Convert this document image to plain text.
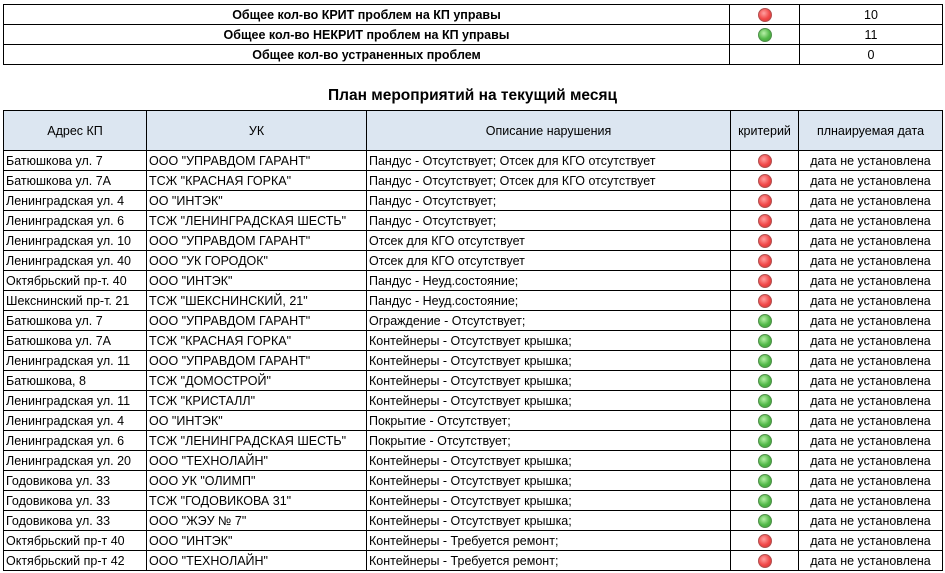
Общее кол-во КРИТ проблем на КП управы		10
Общее кол-во НЕКРИТ проблем на КП управы		11
Общее кол-во устраненных проблем		0
План мероприятий на текущий месяц
Адрес КП	УК	Описание нарушения	критерий	плнаируемая дата
Батюшкова ул. 7	ООО "УПРАВДОМ ГАРАНТ"	Пандус - Отсутствует; Отсек для КГО отсутствует		дата не установлена
Батюшкова ул. 7А	ТСЖ "КРАСНАЯ ГОРКА"	Пандус - Отсутствует; Отсек для КГО отсутствует		дата не установлена
Ленинградская ул. 4	ОО "ИНТЭК"	Пандус - Отсутствует;		дата не установлена
Ленинградская ул. 6	ТСЖ "ЛЕНИНГРАДСКАЯ ШЕСТЬ"	Пандус - Отсутствует;		дата не установлена
Ленинградская ул. 10	ООО "УПРАВДОМ ГАРАНТ"	Отсек для КГО отсутствует		дата не установлена
Ленинградская ул. 40	ООО "УК ГОРОДОК"	Отсек для КГО отсутствует		дата не установлена
Октябрьский пр-т. 40	ООО "ИНТЭК"	Пандус - Неуд.состояние;		дата не установлена
Шекснинский пр-т. 21	ТСЖ "ШЕКСНИНСКИЙ, 21"	Пандус - Неуд.состояние;		дата не установлена
Батюшкова ул. 7	ООО "УПРАВДОМ ГАРАНТ"	Ограждение - Отсутствует;		дата не установлена
Батюшкова ул. 7А	ТСЖ "КРАСНАЯ ГОРКА"	Контейнеры - Отсутствует крышка;		дата не установлена
Ленинградская ул. 11	ООО "УПРАВДОМ ГАРАНТ"	Контейнеры - Отсутствует крышка;		дата не установлена
Батюшкова, 8	ТСЖ "ДОМОСТРОЙ"	Контейнеры - Отсутствует крышка;		дата не установлена
Ленинградская ул. 11	ТСЖ "КРИСТАЛЛ"	Контейнеры - Отсутствует крышка;		дата не установлена
Ленинградская ул. 4	ОО "ИНТЭК"	Покрытие - Отсутствует;		дата не установлена
Ленинградская ул. 6	ТСЖ "ЛЕНИНГРАДСКАЯ ШЕСТЬ"	Покрытие - Отсутствует;		дата не установлена
Ленинградская ул. 20	ООО "ТЕХНОЛАЙН"	Контейнеры - Отсутствует крышка;		дата не установлена
Годовикова ул. 33	ООО УК "ОЛИМП"	Контейнеры - Отсутствует крышка;		дата не установлена
Годовикова ул. 33	ТСЖ "ГОДОВИКОВА 31"	Контейнеры - Отсутствует крышка;		дата не установлена
Годовикова ул. 33	ООО "ЖЭУ № 7"	Контейнеры - Отсутствует крышка;		дата не установлена
Октябрьский пр-т 40	ООО "ИНТЭК"	Контейнеры - Требуется ремонт;		дата не установлена
Октябрьский пр-т 42	ООО "ТЕХНОЛАЙН"	Контейнеры - Требуется ремонт;		дата не установлена
